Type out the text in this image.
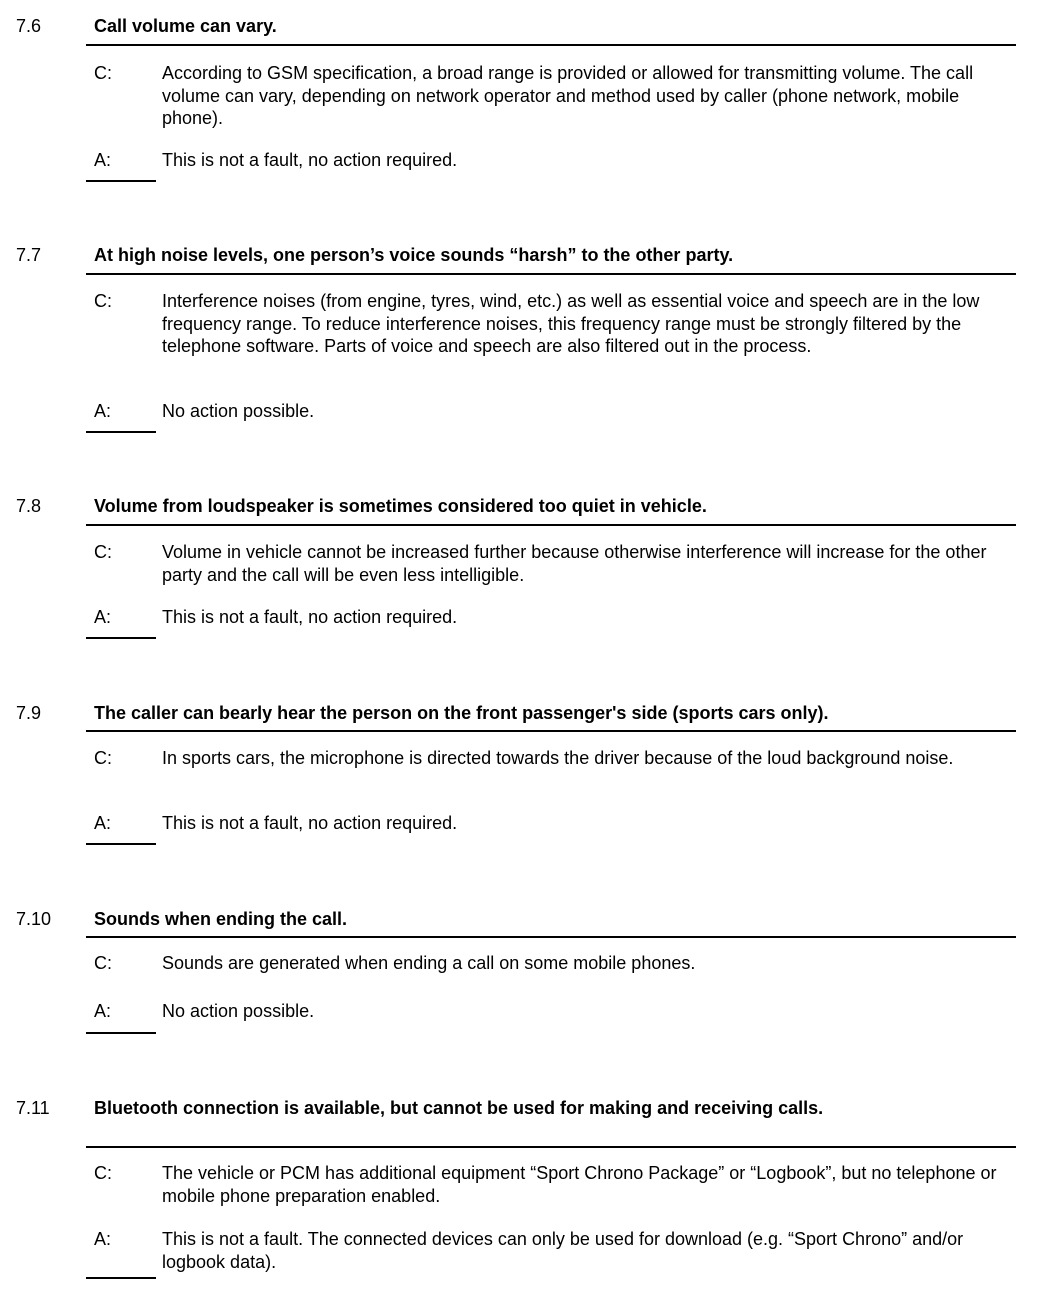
7.6	Call volume can vary.
C:	According to GSM specification, a broad range is provided or allowed for transmitting volume. The call volume can vary, depending on network operator and method used by caller (phone network, mobile phone).
A:	This is not a fault, no action required.
7.7	At high noise levels, one person’s voice sounds “harsh” to the other party.
C:	Interference noises (from engine, tyres, wind, etc.) as well as essential voice and speech are in the low frequency range. To reduce interference noises, this frequency range must be strongly filtered by the telephone software. Parts of voice and speech are also filtered out in the process.
A:	No action possible.
7.8	Volume from loudspeaker is sometimes considered too quiet in vehicle.
C:	Volume in vehicle cannot be increased further because otherwise interference will increase for the other party and the call will be even less intelligible.
A:	This is not a fault, no action required.
7.9	The caller can bearly hear the person on the front passenger's side (sports cars only).
C:	In sports cars, the microphone is directed towards the driver because of the loud background noise.
A:	This is not a fault, no action required.
7.10 Sounds when ending the call.
C:	Sounds are generated when ending a call on some mobile phones.
A:	No action possible.
7.11 Bluetooth connection is available, but cannot be used for making and receiving calls.
C:	The vehicle or PCM has additional equipment “Sport Chrono Package” or “Logbook”, but no telephone or mobile phone preparation enabled.
A:	This is not a fault. The connected devices can only be used for download (e.g. “Sport Chrono” and/or logbook data).
